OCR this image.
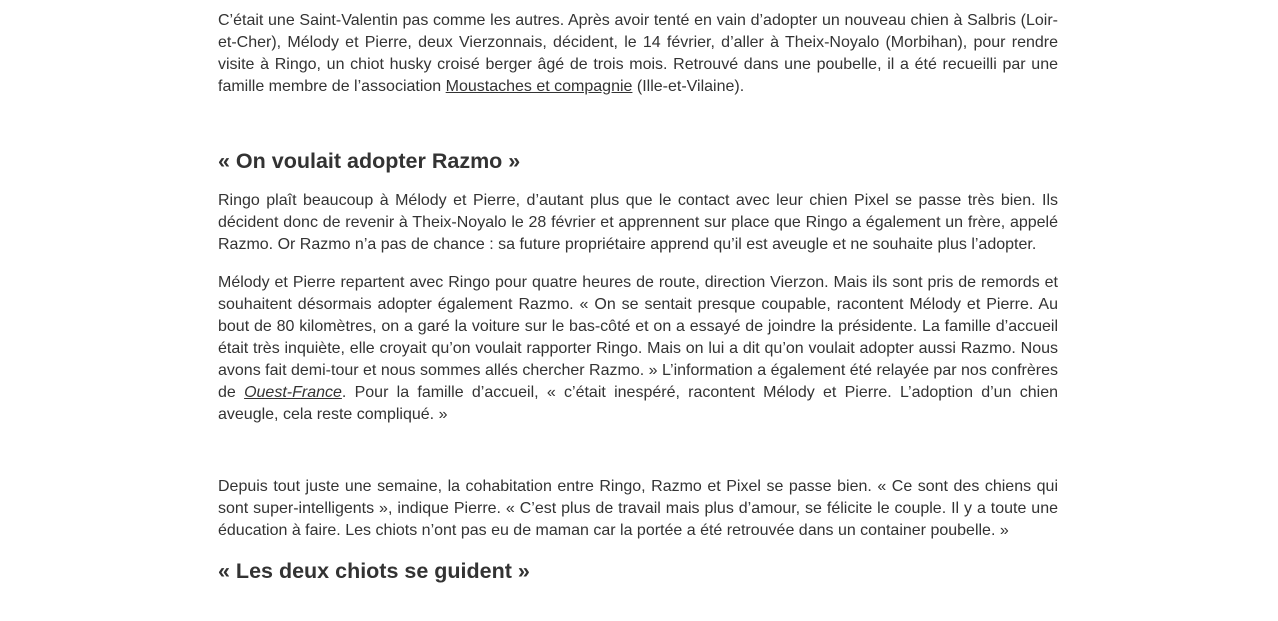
C’était une Saint-Valentin pas comme les autres. Après avoir tenté en vain d’adopter un nouveau chien à Salbris (Loir-et-Cher), Mélody et Pierre, deux Vierzonnais, décident, le 14 février, d’aller à Theix-Noyalo (Morbihan), pour rendre visite à Ringo, un chiot husky croisé berger âgé de trois mois. Retrouvé dans une poubelle, il a été recueilli par une famille membre de l’association Moustaches et compagnie (Ille-et-Vilaine).

« On voulait adopter Razmo »

Ringo plaît beaucoup à Mélody et Pierre, d’autant plus que le contact avec leur chien Pixel se passe très bien. Ils décident donc de revenir à Theix-Noyalo le 28 février et apprennent sur place que Ringo a également un frère, appelé Razmo. Or Razmo n’a pas de chance : sa future propriétaire apprend qu’il est aveugle et ne souhaite plus l’adopter.

Mélody et Pierre repartent avec Ringo pour quatre heures de route, direction Vierzon. Mais ils sont pris de remords et souhaitent désormais adopter également Razmo. « On se sentait presque coupable, racontent Mélody et Pierre. Au bout de 80 kilomètres, on a garé la voiture sur le bas-côté et on a essayé de joindre la présidente. La famille d’accueil était très inquiète, elle croyait qu’on voulait rapporter Ringo. Mais on lui a dit qu’on voulait adopter aussi Razmo. Nous avons fait demi-tour et nous sommes allés chercher Razmo. » L’information a également été relayée par nos confrères de Ouest-France. Pour la famille d’accueil, « c’était inespéré, racontent Mélody et Pierre. L’adoption d’un chien aveugle, cela reste compliqué. »

Depuis tout juste une semaine, la cohabitation entre Ringo, Razmo et Pixel se passe bien. « Ce sont des chiens qui sont super-intelligents », indique Pierre. « C’est plus de travail mais plus d’amour, se félicite le couple. Il y a toute une éducation à faire. Les chiots n’ont pas eu de maman car la portée a été retrouvée dans un container poubelle. »

« Les deux chiots se guident »
